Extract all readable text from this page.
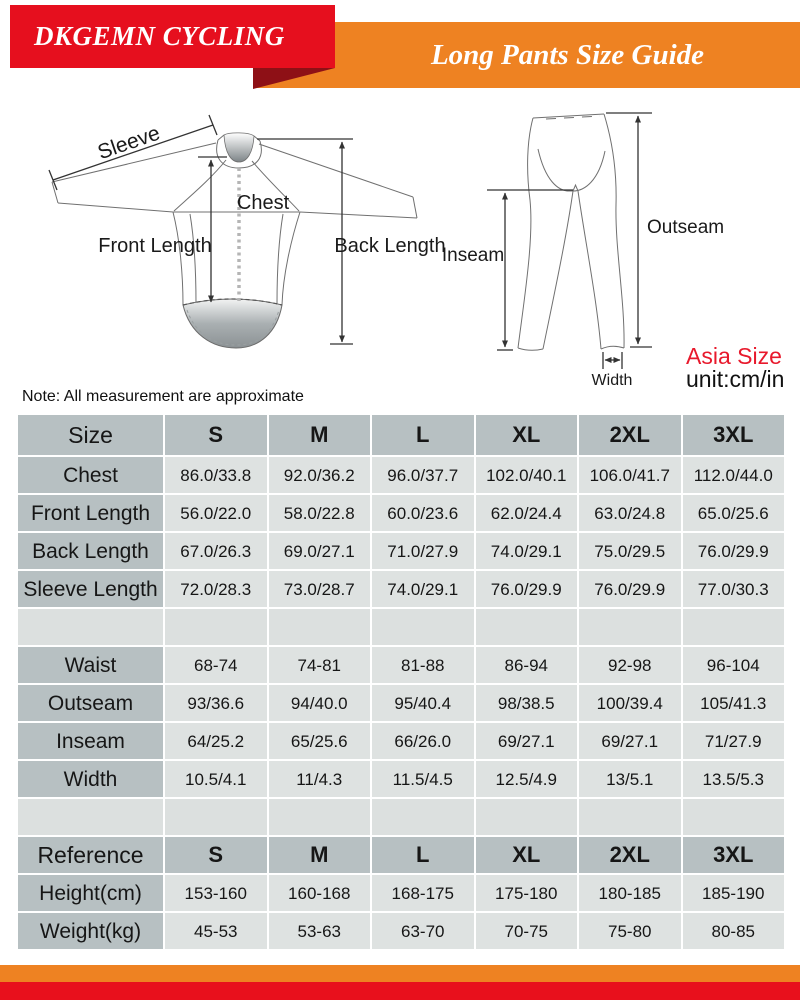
Long Pants Size Guide
DKGEMN CYCLING
Sleeve
Chest
Front Length	Back Length
Inseam
Outseam
Width
Asia Size
unit:cm/in
Note: All measurement are approximate
Size	S	M	L	XL	2XL	3XL
Chest	86.0/33.8	92.0/36.2	96.0/37.7	102.0/40.1	106.0/41.7	112.0/44.0
Front Length	56.0/22.0	58.0/22.8	60.0/23.6	62.0/24.4	63.0/24.8	65.0/25.6
Back Length	67.0/26.3	69.0/27.1	71.0/27.9	74.0/29.1	75.0/29.5	76.0/29.9
Sleeve Length	72.0/28.3	73.0/28.7	74.0/29.1	76.0/29.9	76.0/29.9	77.0/30.3
Waist	68-74	74-81	81-88	86-94	92-98	96-104
Outseam	93/36.6	94/40.0	95/40.4	98/38.5	100/39.4	105/41.3
Inseam	64/25.2	65/25.6	66/26.0	69/27.1	69/27.1	71/27.9
Width	10.5/4.1	11/4.3	11.5/4.5	12.5/4.9	13/5.1	13.5/5.3
Reference	S	M	L	XL	2XL	3XL
Height(cm)	153-160	160-168	168-175	175-180	180-185	185-190
Weight(kg)	45-53	53-63	63-70	70-75	75-80	80-85
